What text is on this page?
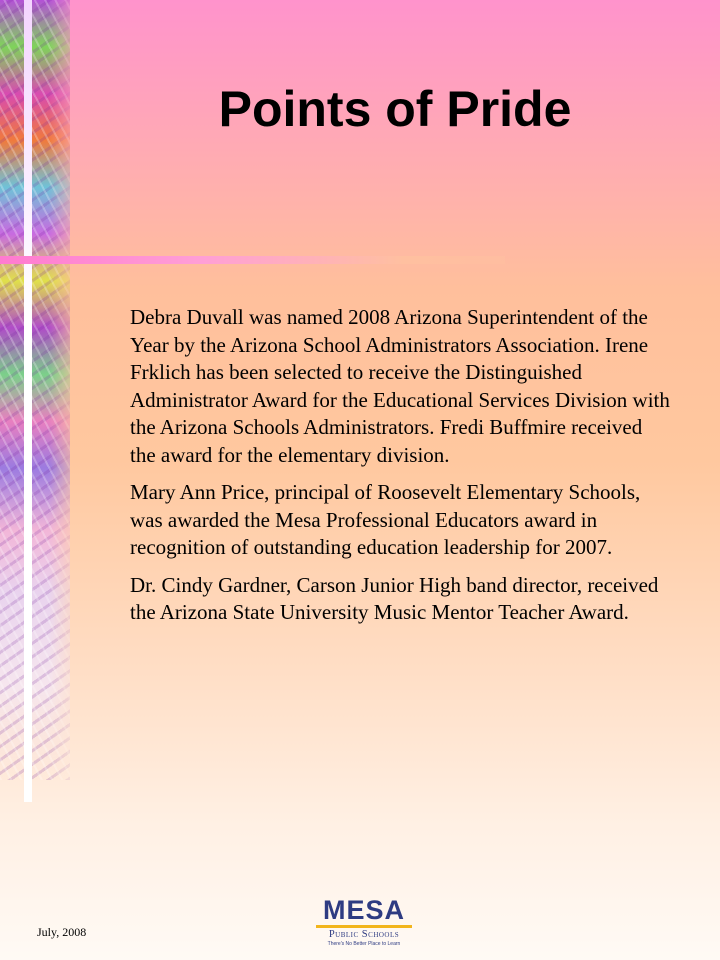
Points of Pride

Debra Duvall was named 2008 Arizona Superintendent of the Year by the Arizona School Administrators Association. Irene Frklich has been selected to receive the Distinguished Administrator Award for the Educational Services Division with the Arizona Schools Administrators. Fredi Buffmire received the award for the elementary division.

Mary Ann Price, principal of Roosevelt Elementary Schools, was awarded the Mesa Professional Educators award in recognition of outstanding education leadership for 2007.

Dr. Cindy Gardner, Carson Junior High band director, received the Arizona State University Music Mentor Teacher Award.

July, 2008
MESA
Public Schools
There's No Better Place to Learn
